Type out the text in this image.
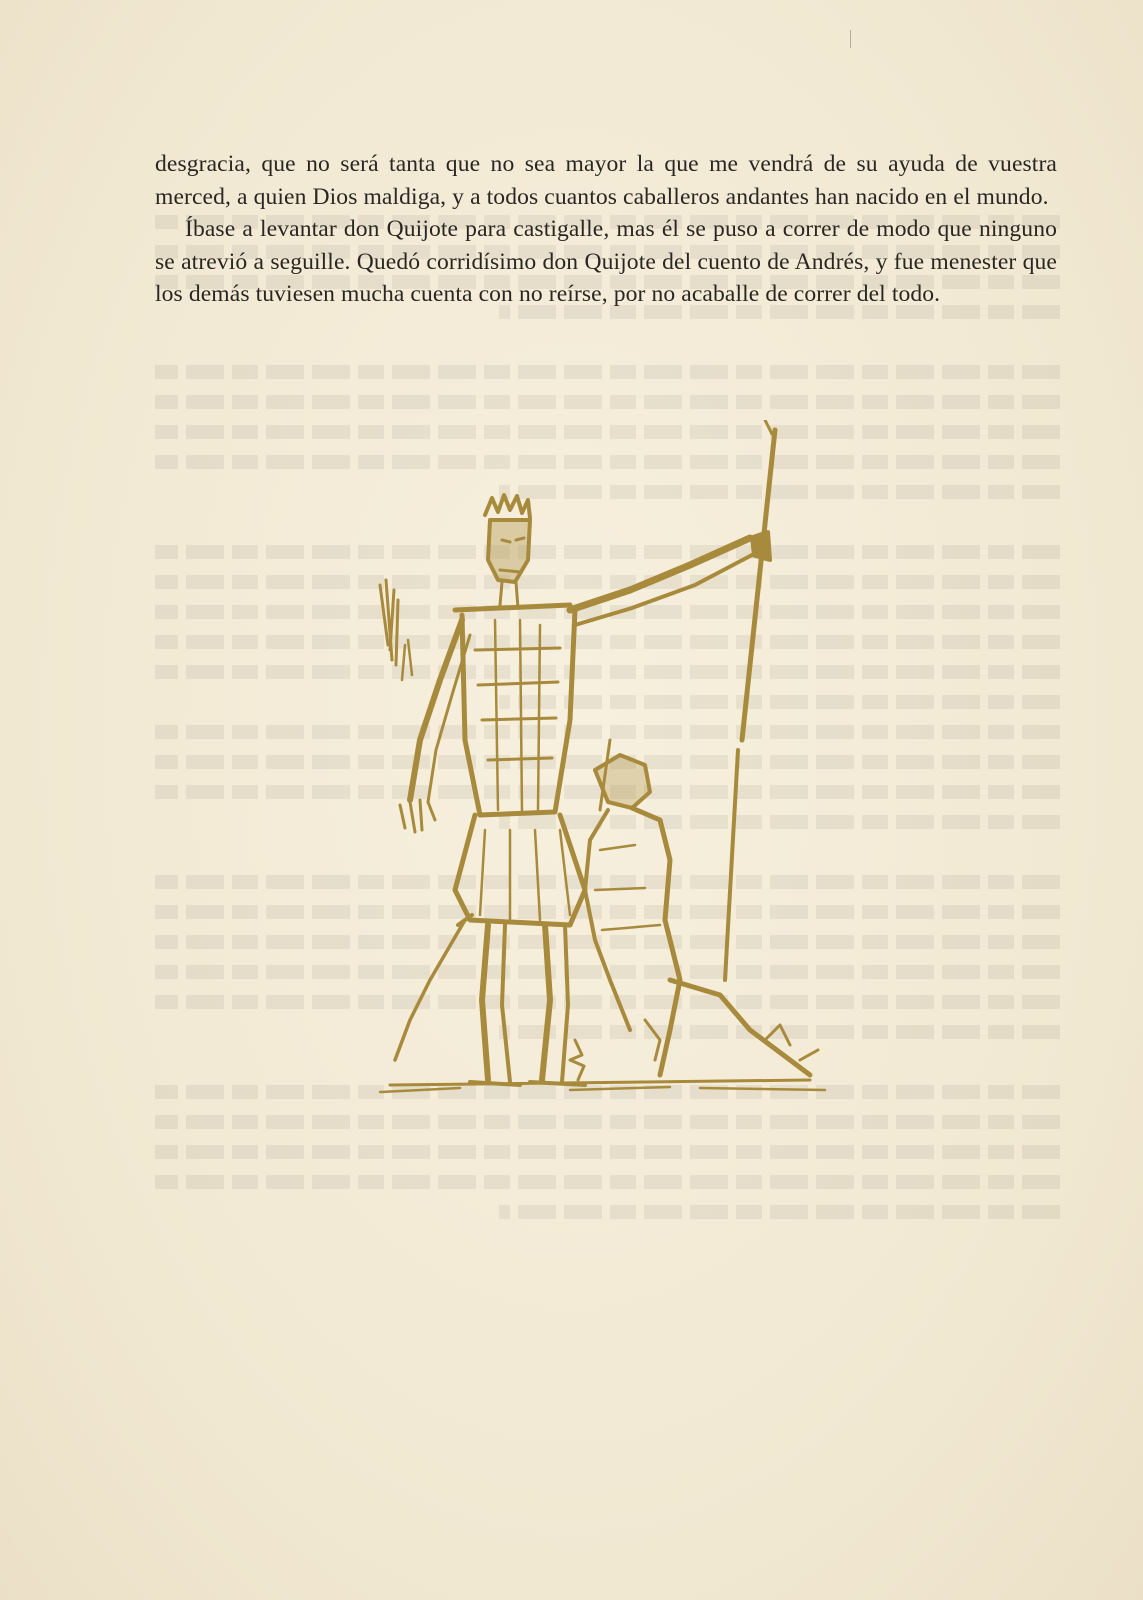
desgracia, que no será tanta que no sea mayor la que me vendrá de su ayuda de vuestra merced, a quien Dios maldiga, y a todos cuantos caballeros andantes han nacido en el mundo.

Íbase a levantar don Quijote para castigalle, mas él se puso a correr de modo que ninguno se atrevió a seguille. Quedó corridísimo don Quijote del cuento de Andrés, y fue menester que los demás tuviesen mucha cuenta con no reírse, por no acaballe de correr del todo.
